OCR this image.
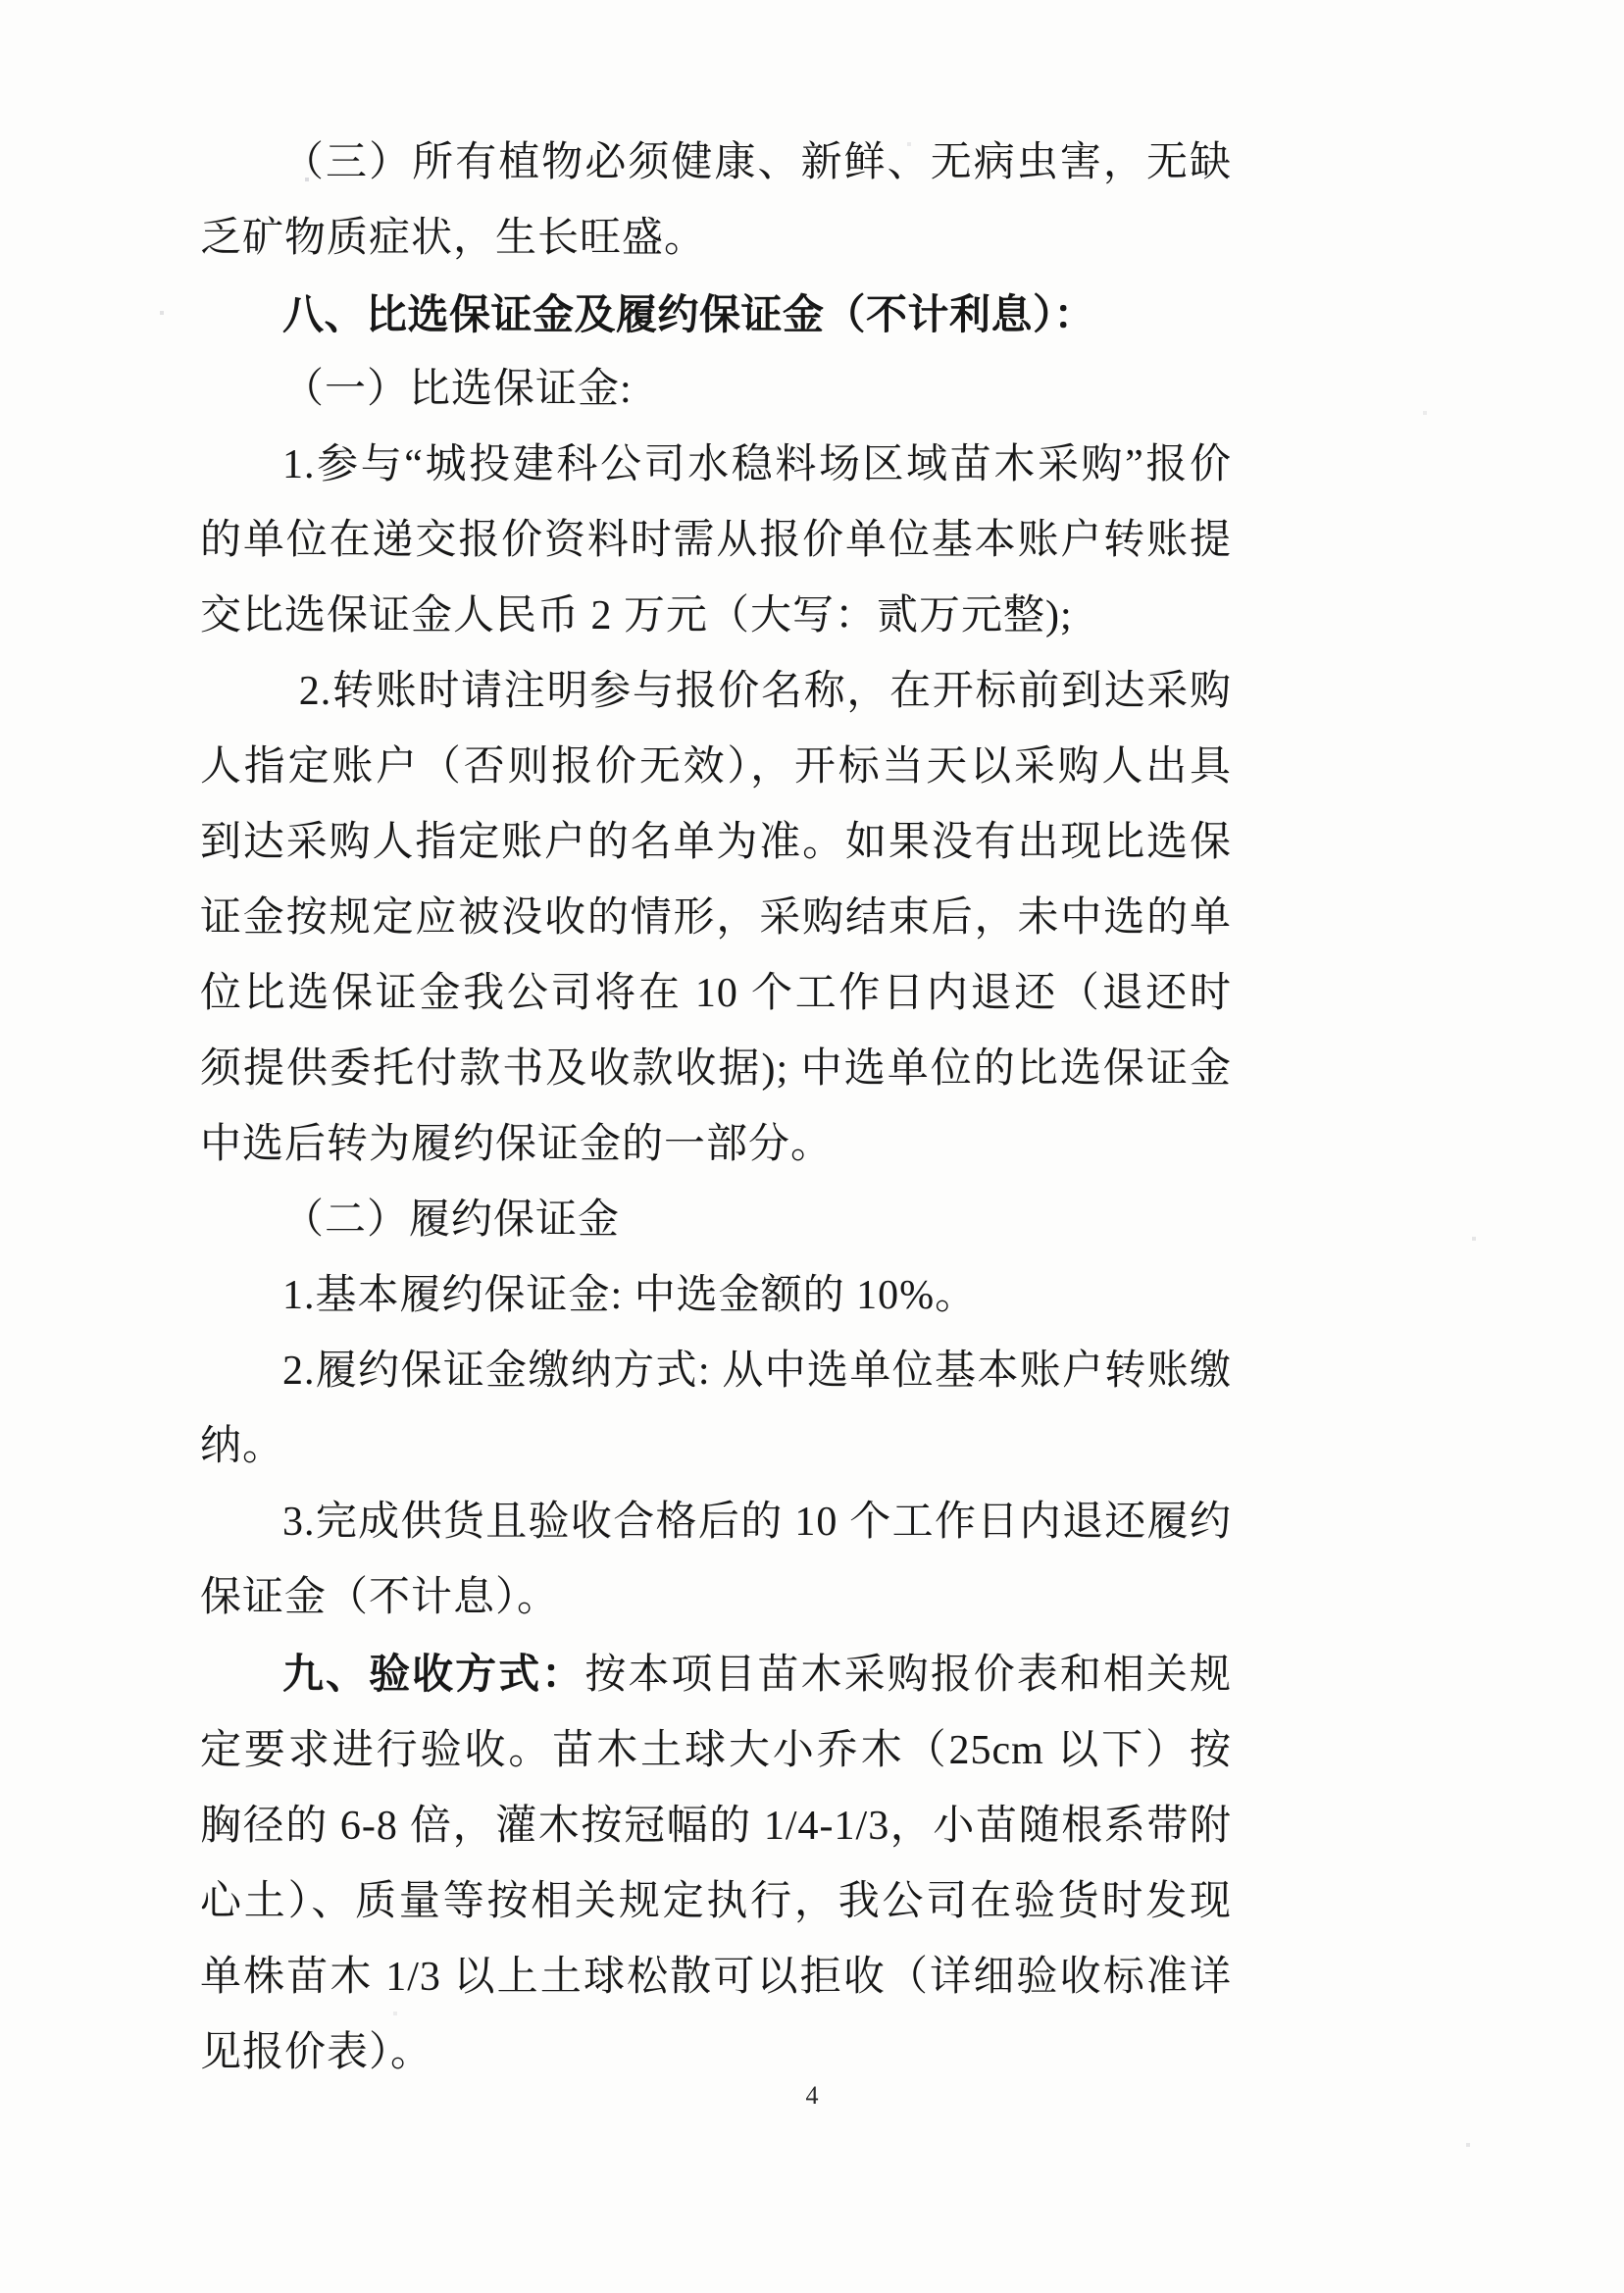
（三）所有植物必须健康、新鲜、无病虫害，无缺乏矿物质症状，生长旺盛。

八、比选保证金及履约保证金（不计利息）：

（一）比选保证金:

1.参与“城投建科公司水稳料场区域苗木采购”报价的单位在递交报价资料时需从报价单位基本账户转账提交比选保证金人民币 2 万元（大写：贰万元整);

2.转账时请注明参与报价名称，在开标前到达采购人指定账户（否则报价无效），开标当天以采购人出具到达采购人指定账户的名单为准。如果没有出现比选保证金按规定应被没收的情形，采购结束后，未中选的单位比选保证金我公司将在 10 个工作日内退还（退还时须提供委托付款书及收款收据); 中选单位的比选保证金中选后转为履约保证金的一部分。

（二）履约保证金

1.基本履约保证金: 中选金额的 10%。

2.履约保证金缴纳方式: 从中选单位基本账户转账缴纳。

3.完成供货且验收合格后的 10 个工作日内退还履约保证金（不计息）。

九、验收方式：按本项目苗木采购报价表和相关规定要求进行验收。苗木土球大小乔木（25cm 以下）按胸径的 6-8 倍，灌木按冠幅的 1/4-1/3，小苗随根系带附心土）、质量等按相关规定执行，我公司在验货时发现单株苗木 1/3 以上土球松散可以拒收（详细验收标准详见报价表）。

4
